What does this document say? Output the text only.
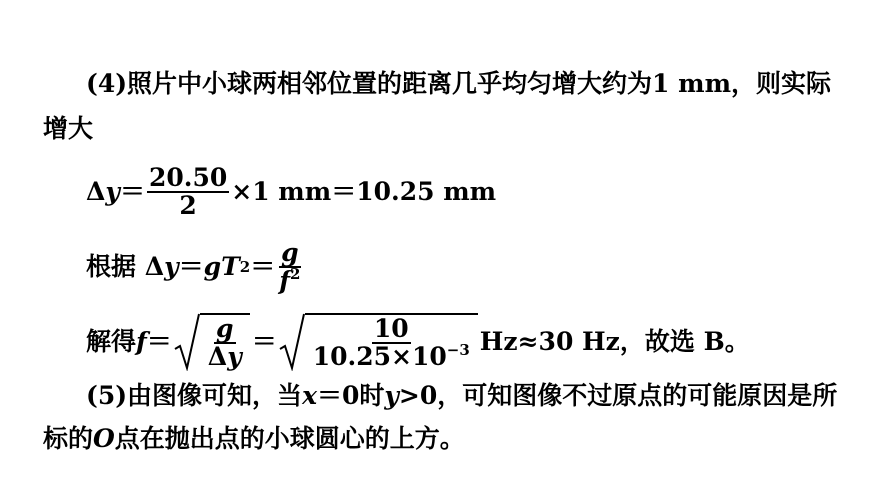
(4)照片中小球两相邻位置的距离几乎均匀增大约为1 mm，则实际
增大
Δ $y = \frac{20.50}{2} \times 1$ mm＝10.25 mm
根据 Δ y ＝ gT $2 = \frac{g}{f^2}$
解得 $f = \frac{g}{\Delta y} = \frac{10}{10.25\times 10^{-3}} Hz\approx 30$ Hz，故选 B。
(5)由图像可知，当 x ＝0时 y >0，可知图像不过原点的可能原因是所
标的 O 点在抛出点的小球圆心的上方。
